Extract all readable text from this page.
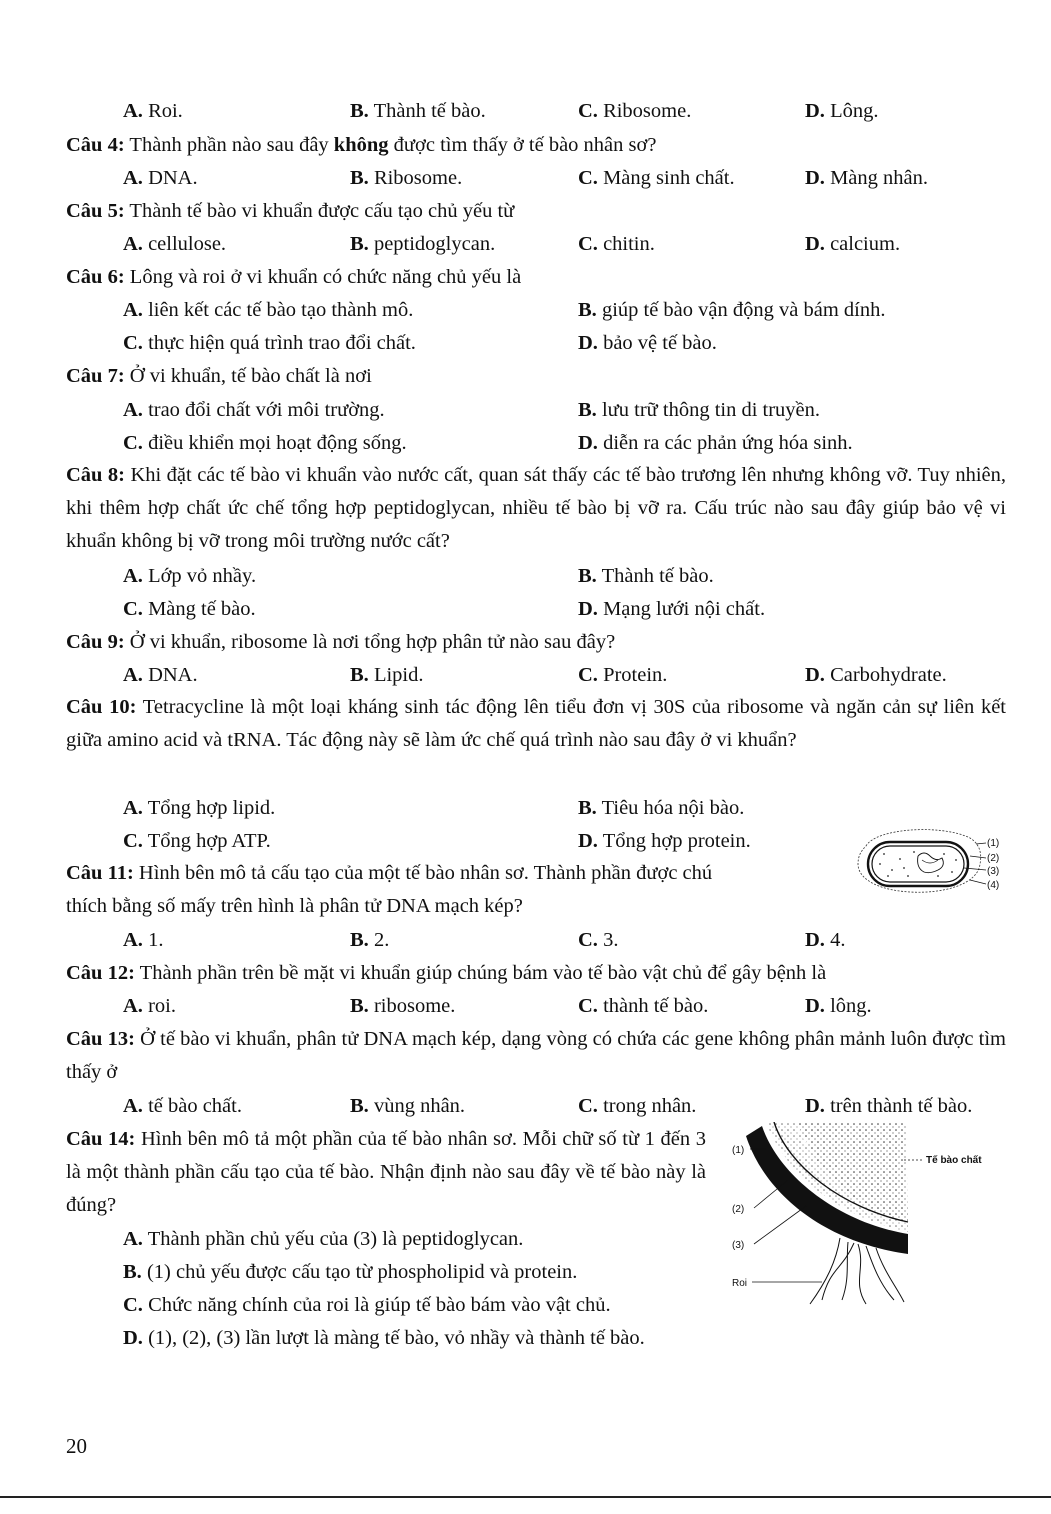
A. Roi.	B. Thành tế bào.	C. Ribosome.	D. Lông.
Câu 4: Thành phần nào sau đây không được tìm thấy ở tế bào nhân sơ?
A. DNA.	B. Ribosome.	C. Màng sinh chất.	D. Màng nhân.
Câu 5: Thành tế bào vi khuẩn được cấu tạo chủ yếu từ
A. cellulose.	B. peptidoglycan.	C. chitin.	D. calcium.
Câu 6: Lông và roi ở vi khuẩn có chức năng chủ yếu là
A. liên kết các tế bào tạo thành mô.	B. giúp tế bào vận động và bám dính.
C. thực hiện quá trình trao đổi chất.	D. bảo vệ tế bào.
Câu 7: Ở vi khuẩn, tế bào chất là nơi
A. trao đổi chất với môi trường.	B. lưu trữ thông tin di truyền.
C. điều khiển mọi hoạt động sống.	D. diễn ra các phản ứng hóa sinh.
Câu 8: Khi đặt các tế bào vi khuẩn vào nước cất, quan sát thấy các tế bào trương lên nhưng không vỡ. Tuy nhiên, khi thêm hợp chất ức chế tổng hợp peptidoglycan, nhiều tế bào bị vỡ ra. Cấu trúc nào sau đây giúp bảo vệ vi khuẩn không bị vỡ trong môi trường nước cất?
A. Lớp vỏ nhầy.	B. Thành tế bào.
C. Màng tế bào.	D. Mạng lưới nội chất.
Câu 9: Ở vi khuẩn, ribosome là nơi tổng hợp phân tử nào sau đây?
A. DNA.	B. Lipid.	C. Protein.	D. Carbohydrate.
Câu 10: Tetracycline là một loại kháng sinh tác động lên tiểu đơn vị 30S của ribosome và ngăn cản sự liên kết giữa amino acid và tRNA. Tác động này sẽ làm ức chế quá trình nào sau đây ở vi khuẩn?
A. Tổng hợp lipid.	B. Tiêu hóa nội bào.
C. Tổng hợp ATP.	D. Tổng hợp protein.	(1)
(2)
(3)
(4)
Câu 11: Hình bên mô tả cấu tạo của một tế bào nhân sơ. Thành phần được chú
thích bằng số mấy trên hình là phân tử DNA mạch kép?
A. 1.	B. 2.	C. 3.	D. 4.
Câu 12: Thành phần trên bề mặt vi khuẩn giúp chúng bám vào tế bào vật chủ để gây bệnh là
A. roi.	B. ribosome.	C. thành tế bào.	D. lông.
Câu 13: Ở tế bào vi khuẩn, phân tử DNA mạch kép, dạng vòng có chứa các gene không phân mảnh luôn được tìm thấy ở
A. tế bào chất.	B. vùng nhân.	C. trong nhân.	D. trên thành tế bào.
Câu 14: Hình bên mô tả một phần của tế bào nhân sơ. Mỗi chữ số từ 1 đến 3 là một thành phần cấu tạo của tế bào. Nhận định nào sau đây về tế bào này là đúng?
A. Thành phần chủ yếu của (3) là peptidoglycan.
B. (1) chủ yếu được cấu tạo từ phospholipid và protein.
C. Chức năng chính của roi là giúp tế bào bám vào vật chủ.
D. (1), (2), (3) lần lượt là màng tế bào, vỏ nhầy và thành tế bào.
(1)
(2)
(3)
Roi
Tế bào chất
20
